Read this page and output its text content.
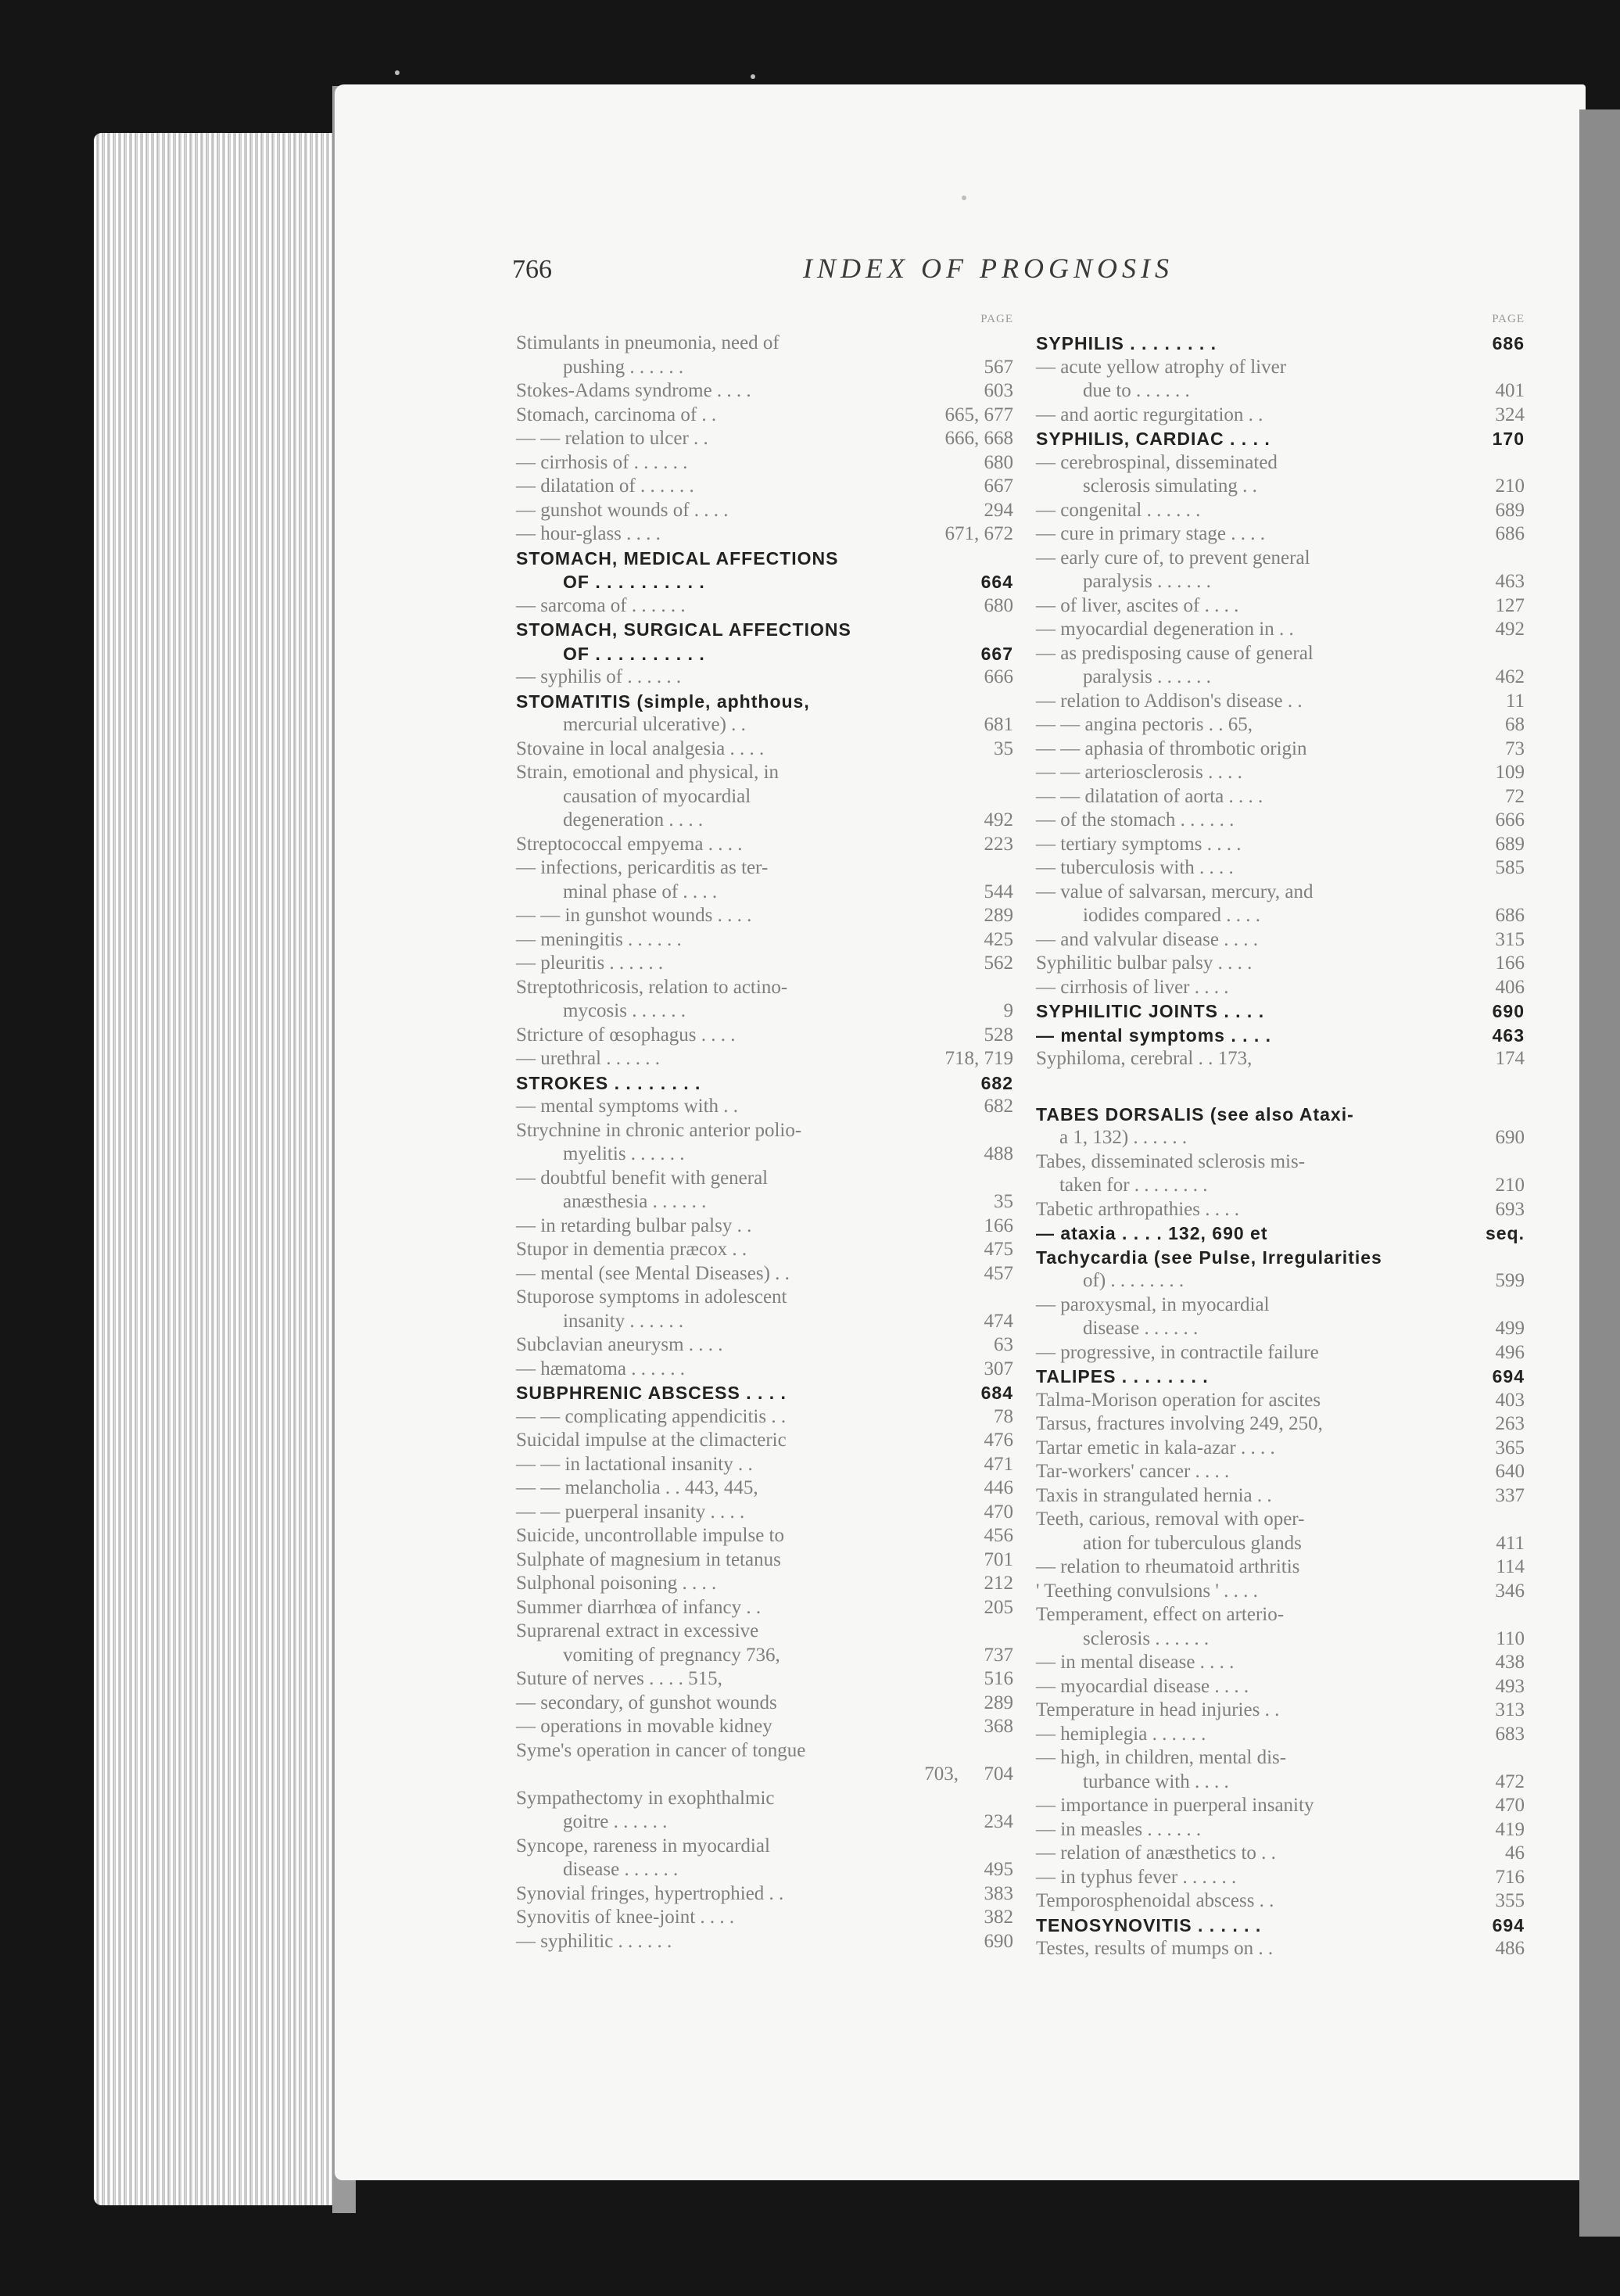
766	INDEX OF PROGNOSIS
PAGE
Stimulants in pneumonia, need of
pushing . . . . . .	567
Stokes-Adams syndrome . . . .	603
Stomach, carcinoma of . .	665, 677
— — relation to ulcer . .	666, 668
— cirrhosis of . . . . . .	680
— dilatation of . . . . . .	667
— gunshot wounds of . . . .	294
— hour-glass . . . .	671, 672
STOMACH, MEDICAL AFFECTIONS
OF . . . . . . . . . .	664
— sarcoma of . . . . . .	680
STOMACH, SURGICAL AFFECTIONS
OF . . . . . . . . . .	667
— syphilis of . . . . . .	666
STOMATITIS (simple, aphthous,
mercurial ulcerative) . .	681
Stovaine in local analgesia . . . .	35
Strain, emotional and physical, in
causation of myocardial
degeneration . . . .	492
Streptococcal empyema . . . .	223
— infections, pericarditis as ter-
minal phase of . . . .	544
— — in gunshot wounds . . . .	289
— meningitis . . . . . .	425
— pleuritis . . . . . .	562
Streptothricosis, relation to actino-
mycosis . . . . . .	9
Stricture of œsophagus . . . .	528
— urethral . . . . . .	718, 719
STROKES . . . . . . . .	682
— mental symptoms with . .	682
Strychnine in chronic anterior polio-
myelitis . . . . . .	488
— doubtful benefit with general
anæsthesia . . . . . .	35
— in retarding bulbar palsy . .	166
Stupor in dementia præcox . .	475
— mental (see Mental Diseases) . .	457
Stuporose symptoms in adolescent
insanity . . . . . .	474
Subclavian aneurysm . . . .	63
— hæmatoma . . . . . .	307
SUBPHRENIC ABSCESS . . . .	684
— — complicating appendicitis . .	78
Suicidal impulse at the climacteric	476
— — in lactational insanity . .	471
— — melancholia . . 443, 445,	446
— — puerperal insanity . . . .	470
Suicide, uncontrollable impulse to	456
Sulphate of magnesium in tetanus	701
Sulphonal poisoning . . . .	212
Summer diarrhœa of infancy . .	205
Suprarenal extract in excessive
vomiting of pregnancy 736,	737
Suture of nerves . . . . 515,	516
— secondary, of gunshot wounds	289
— operations in movable kidney	368
Syme's operation in cancer of tongue
703, 704
Sympathectomy in exophthalmic
goitre . . . . . .	234
Syncope, rareness in myocardial
disease . . . . . .	495
Synovial fringes, hypertrophied . .	383
Synovitis of knee-joint . . . .	382
— syphilitic . . . . . .	690
PAGE
SYPHILIS . . . . . . . .	686
— acute yellow atrophy of liver
due to . . . . . .	401
— and aortic regurgitation . .	324
SYPHILIS, CARDIAC . . . .	170
— cerebrospinal, disseminated
sclerosis simulating . .	210
— congenital . . . . . .	689
— cure in primary stage . . . .	686
— early cure of, to prevent general
paralysis . . . . . .	463
— of liver, ascites of . . . .	127
— myocardial degeneration in . .	492
— as predisposing cause of general
paralysis . . . . . .	462
— relation to Addison's disease . .	11
— — angina pectoris . . 65,	68
— — aphasia of thrombotic origin	73
— — arteriosclerosis . . . .	109
— — dilatation of aorta . . . .	72
— of the stomach . . . . . .	666
— tertiary symptoms . . . .	689
— tuberculosis with . . . .	585
— value of salvarsan, mercury, and
iodides compared . . . .	686
— and valvular disease . . . .	315
Syphilitic bulbar palsy . . . .	166
— cirrhosis of liver . . . .	406
SYPHILITIC JOINTS . . . .	690
— mental symptoms . . . .	463
Syphiloma, cerebral . . 173,	174
TABES DORSALIS (see also Ataxi-
a 1, 132) . . . . . .	690
Tabes, disseminated sclerosis mis-
taken for . . . . . . . .	210
Tabetic arthropathies . . . .	693
— ataxia . . . . 132, 690 et	seq.
Tachycardia (see Pulse, Irregularities
of) . . . . . . . .	599
— paroxysmal, in myocardial
disease . . . . . .	499
— progressive, in contractile failure	496
TALIPES . . . . . . . .	694
Talma-Morison operation for ascites	403
Tarsus, fractures involving 249, 250,	263
Tartar emetic in kala-azar . . . .	365
Tar-workers' cancer . . . .	640
Taxis in strangulated hernia . .	337
Teeth, carious, removal with oper-
ation for tuberculous glands	411
— relation to rheumatoid arthritis	114
' Teething convulsions ' . . . .	346
Temperament, effect on arterio-
sclerosis . . . . . .	110
— in mental disease . . . .	438
— myocardial disease . . . .	493
Temperature in head injuries . .	313
— hemiplegia . . . . . .	683
— high, in children, mental dis-
turbance with . . . .	472
— importance in puerperal insanity	470
— in measles . . . . . .	419
— relation of anæsthetics to . .	46
— in typhus fever . . . . . .	716
Temporosphenoidal abscess . .	355
TENOSYNOVITIS . . . . . .	694
Testes, results of mumps on . .	486
